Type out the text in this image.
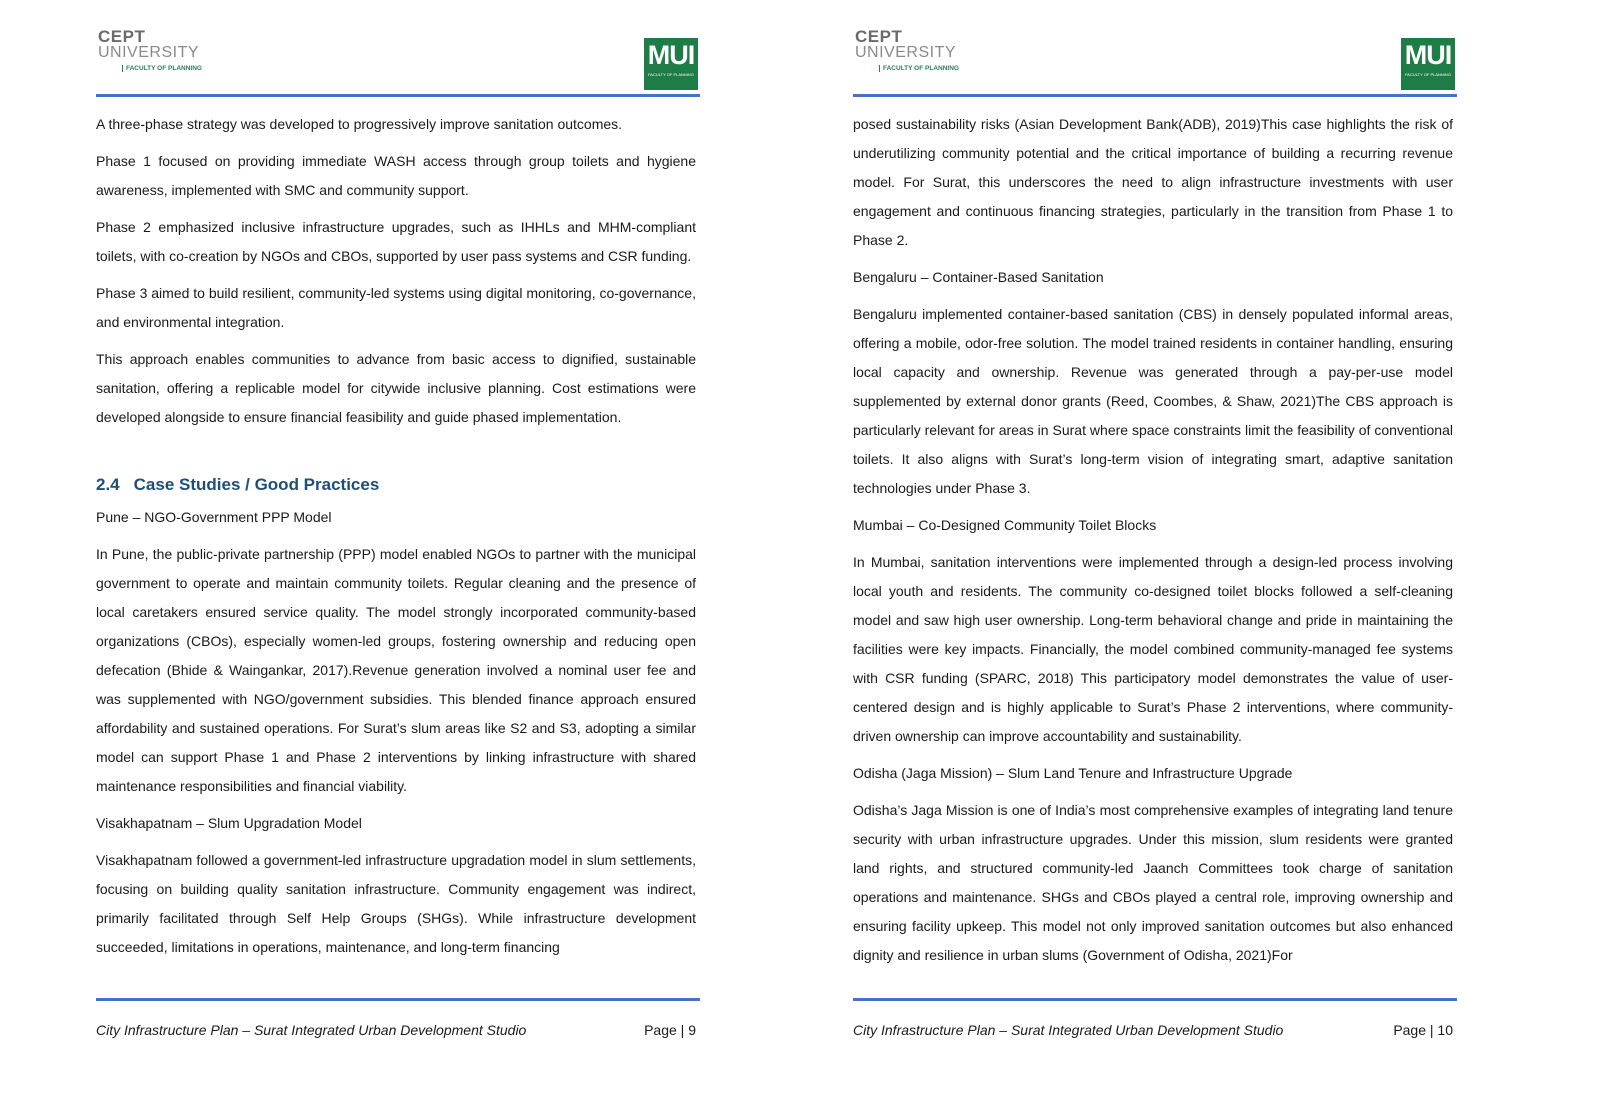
CEPT
UNIVERSITY
FACULTY OF PLANNING	MUI
FACULTY OF PLANNING

A three-phase strategy was developed to progressively improve sanitation outcomes.

Phase 1 focused on providing immediate WASH access through group toilets and hygiene awareness, implemented with SMC and community support.

Phase 2 emphasized inclusive infrastructure upgrades, such as IHHLs and MHM-compliant toilets, with co-creation by NGOs and CBOs, supported by user pass systems and CSR funding.

Phase 3 aimed to build resilient, community-led systems using digital monitoring, co-governance, and environmental integration.

This approach enables communities to advance from basic access to dignified, sustainable sanitation, offering a replicable model for citywide inclusive planning. Cost estimations were developed alongside to ensure financial feasibility and guide phased implementation.

2.4 Case Studies / Good Practices

Pune – NGO-Government PPP Model

In Pune, the public-private partnership (PPP) model enabled NGOs to partner with the municipal government to operate and maintain community toilets. Regular cleaning and the presence of local caretakers ensured service quality. The model strongly incorporated community-based organizations (CBOs), especially women-led groups, fostering ownership and reducing open defecation (Bhide & Waingankar, 2017).Revenue generation involved a nominal user fee and was supplemented with NGO/government subsidies. This blended finance approach ensured affordability and sustained operations. For Surat’s slum areas like S2 and S3, adopting a similar model can support Phase 1 and Phase 2 interventions by linking infrastructure with shared maintenance responsibilities and financial viability.

Visakhapatnam – Slum Upgradation Model

Visakhapatnam followed a government-led infrastructure upgradation model in slum settlements, focusing on building quality sanitation infrastructure. Community engagement was indirect, primarily facilitated through Self Help Groups (SHGs). While infrastructure development succeeded, limitations in operations, maintenance, and long-term financing

City Infrastructure Plan – Surat Integrated Urban Development Studio	Page | 9
CEPT
UNIVERSITY
FACULTY OF PLANNING	MUI
FACULTY OF PLANNING

posed sustainability risks (Asian Development Bank(ADB), 2019)This case highlights the risk of underutilizing community potential and the critical importance of building a recurring revenue model. For Surat, this underscores the need to align infrastructure investments with user engagement and continuous financing strategies, particularly in the transition from Phase 1 to Phase 2.

Bengaluru – Container-Based Sanitation

Bengaluru implemented container-based sanitation (CBS) in densely populated informal areas, offering a mobile, odor-free solution. The model trained residents in container handling, ensuring local capacity and ownership. Revenue was generated through a pay-per-use model supplemented by external donor grants (Reed, Coombes, & Shaw, 2021)The CBS approach is particularly relevant for areas in Surat where space constraints limit the feasibility of conventional toilets. It also aligns with Surat’s long-term vision of integrating smart, adaptive sanitation technologies under Phase 3.

Mumbai – Co-Designed Community Toilet Blocks

In Mumbai, sanitation interventions were implemented through a design-led process involving local youth and residents. The community co-designed toilet blocks followed a self-cleaning model and saw high user ownership. Long-term behavioral change and pride in maintaining the facilities were key impacts. Financially, the model combined community-managed fee systems with CSR funding (SPARC, 2018) This participatory model demonstrates the value of user-centered design and is highly applicable to Surat’s Phase 2 interventions, where community-driven ownership can improve accountability and sustainability.

Odisha (Jaga Mission) – Slum Land Tenure and Infrastructure Upgrade

Odisha’s Jaga Mission is one of India’s most comprehensive examples of integrating land tenure security with urban infrastructure upgrades. Under this mission, slum residents were granted land rights, and structured community-led Jaanch Committees took charge of sanitation operations and maintenance. SHGs and CBOs played a central role, improving ownership and ensuring facility upkeep. This model not only improved sanitation outcomes but also enhanced dignity and resilience in urban slums (Government of Odisha, 2021)For

City Infrastructure Plan – Surat Integrated Urban Development Studio	Page | 10
